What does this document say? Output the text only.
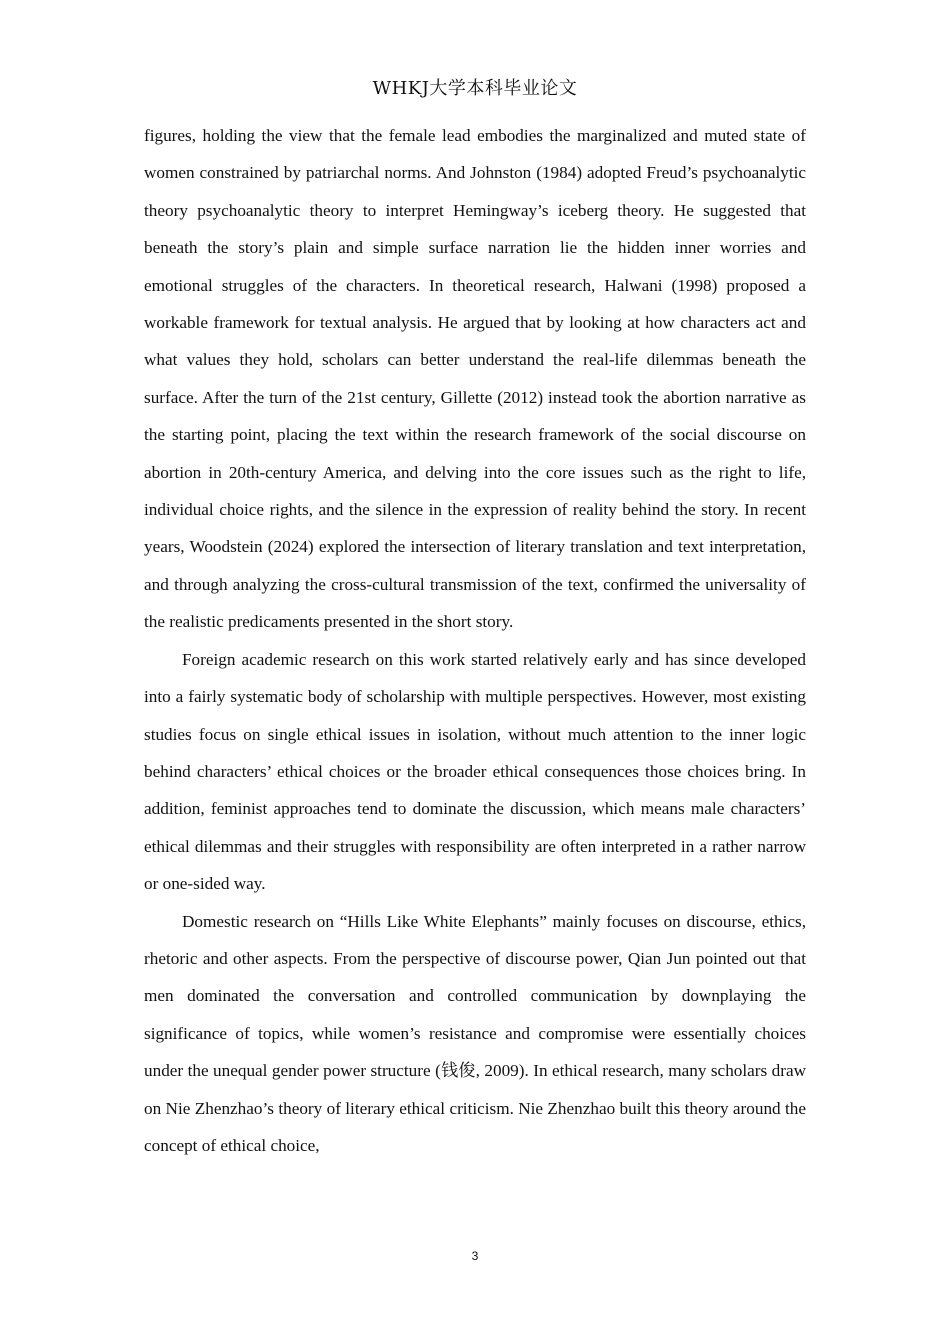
WHKJ大学本科毕业论文

figures, holding the view that the female lead embodies the marginalized and muted state of women constrained by patriarchal norms. And Johnston (1984) adopted Freud’s psychoanalytic theory psychoanalytic theory to interpret Hemingway’s iceberg theory. He suggested that beneath the story’s plain and simple surface narration lie the hidden inner worries and emotional struggles of the characters. In theoretical research, Halwani (1998) proposed a workable framework for textual analysis. He argued that by looking at how characters act and what values they hold, scholars can better understand the real-life dilemmas beneath the surface. After the turn of the 21st century, Gillette (2012) instead took the abortion narrative as the starting point, placing the text within the research framework of the social discourse on abortion in 20th-century America, and delving into the core issues such as the right to life, individual choice rights, and the silence in the expression of reality behind the story. In recent years, Woodstein (2024) explored the intersection of literary translation and text interpretation, and through analyzing the cross-cultural transmission of the text, confirmed the universality of the realistic predicaments presented in the short story.

Foreign academic research on this work started relatively early and has since developed into a fairly systematic body of scholarship with multiple perspectives. However, most existing studies focus on single ethical issues in isolation, without much attention to the inner logic behind characters’ ethical choices or the broader ethical consequences those choices bring. In addition, feminist approaches tend to dominate the discussion, which means male characters’ ethical dilemmas and their struggles with responsibility are often interpreted in a rather narrow or one-sided way.

Domestic research on “Hills Like White Elephants” mainly focuses on discourse, ethics, rhetoric and other aspects. From the perspective of discourse power, Qian Jun pointed out that men dominated the conversation and controlled communication by downplaying the significance of topics, while women’s resistance and compromise were essentially choices under the unequal gender power structure (钱俊, 2009). In ethical research, many scholars draw on Nie Zhenzhao’s theory of literary ethical criticism. Nie Zhenzhao built this theory around the concept of ethical choice,

3
